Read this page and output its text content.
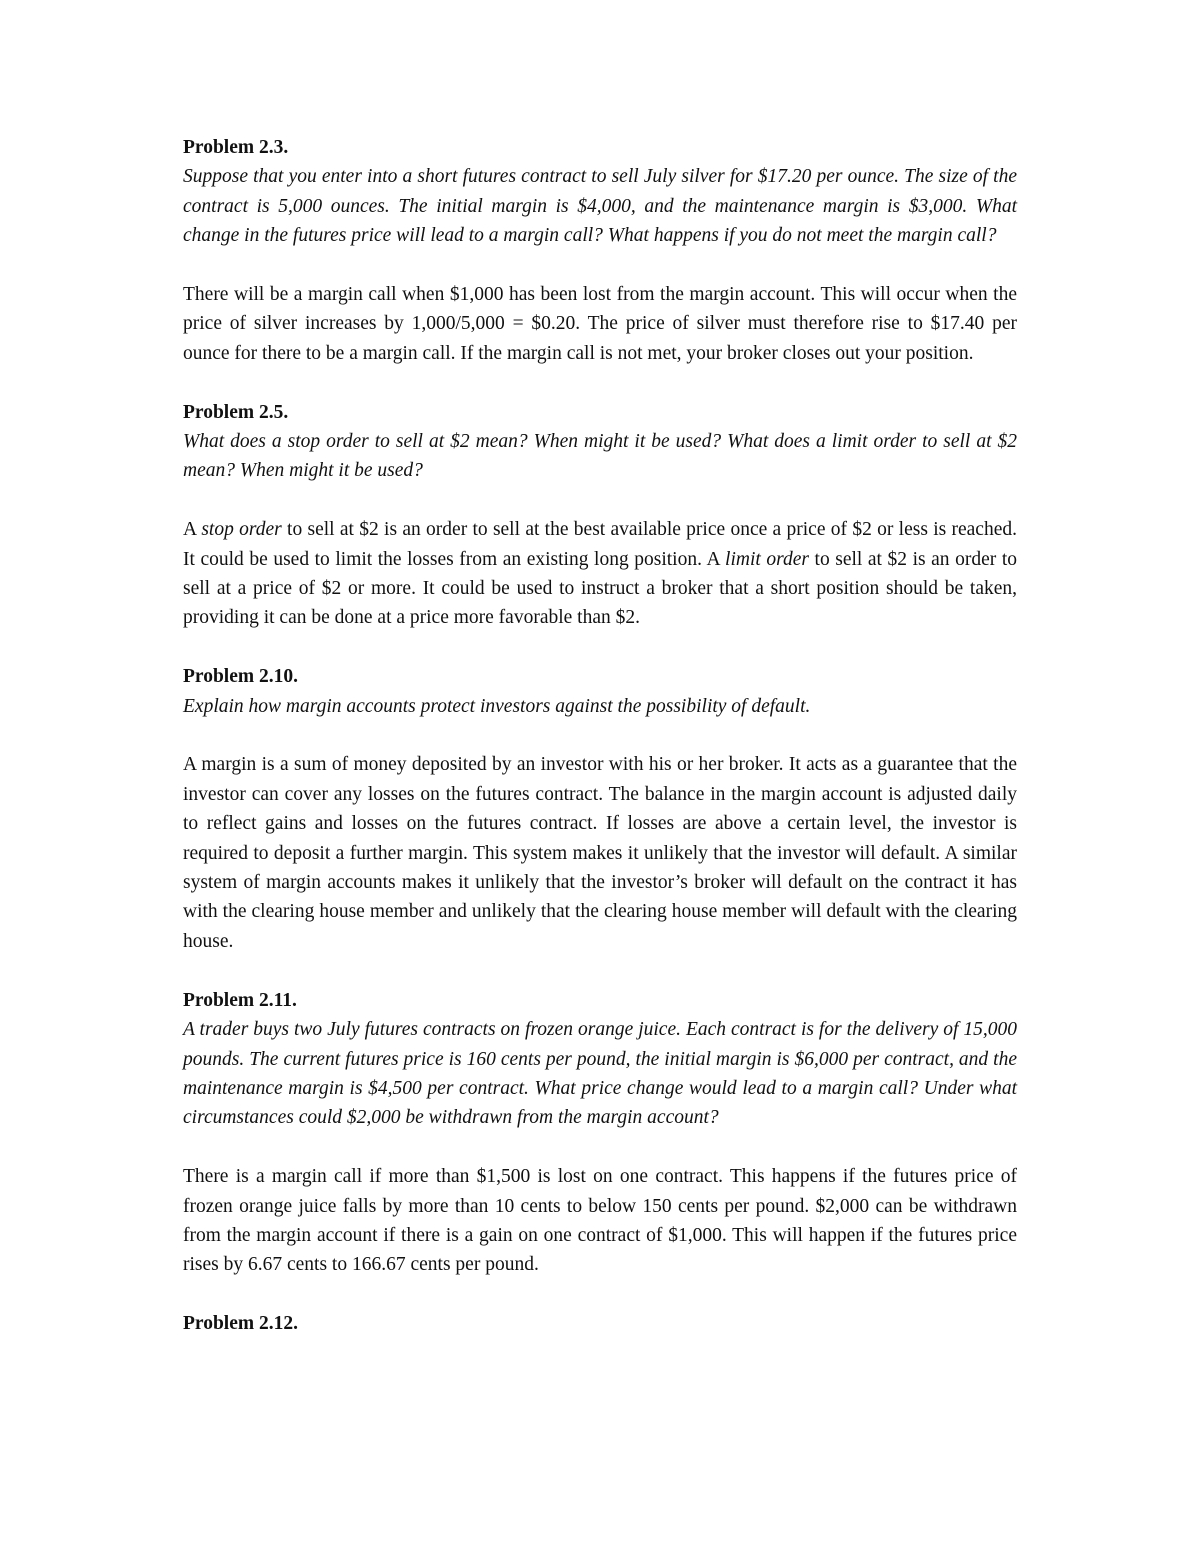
Problem 2.3.

Suppose that you enter into a short futures contract to sell July silver for $17.20 per ounce. The size of the contract is 5,000 ounces. The initial margin is $4,000, and the maintenance margin is $3,000. What change in the futures price will lead to a margin call? What happens if you do not meet the margin call?

There will be a margin call when $1,000 has been lost from the margin account. This will occur when the price of silver increases by 1,000/5,000 = $0.20. The price of silver must therefore rise to $17.40 per ounce for there to be a margin call. If the margin call is not met, your broker closes out your position.

Problem 2.5.

What does a stop order to sell at $2 mean? When might it be used? What does a limit order to sell at $2 mean? When might it be used?

A stop order to sell at $2 is an order to sell at the best available price once a price of $2 or less is reached. It could be used to limit the losses from an existing long position. A limit order to sell at $2 is an order to sell at a price of $2 or more. It could be used to instruct a broker that a short position should be taken, providing it can be done at a price more favorable than $2.

Problem 2.10.

Explain how margin accounts protect investors against the possibility of default.

A margin is a sum of money deposited by an investor with his or her broker. It acts as a guarantee that the investor can cover any losses on the futures contract. The balance in the margin account is adjusted daily to reflect gains and losses on the futures contract. If losses are above a certain level, the investor is required to deposit a further margin. This system makes it unlikely that the investor will default. A similar system of margin accounts makes it unlikely that the investor’s broker will default on the contract it has with the clearing house member and unlikely that the clearing house member will default with the clearing house.

Problem 2.11.

A trader buys two July futures contracts on frozen orange juice. Each contract is for the delivery of 15,000 pounds. The current futures price is 160 cents per pound, the initial margin is $6,000 per contract, and the maintenance margin is $4,500 per contract. What price change would lead to a margin call? Under what circumstances could $2,000 be withdrawn from the margin account?

There is a margin call if more than $1,500 is lost on one contract. This happens if the futures price of frozen orange juice falls by more than 10 cents to below 150 cents per pound. $2,000 can be withdrawn from the margin account if there is a gain on one contract of $1,000. This will happen if the futures price rises by 6.67 cents to 166.67 cents per pound.

Problem 2.12.
